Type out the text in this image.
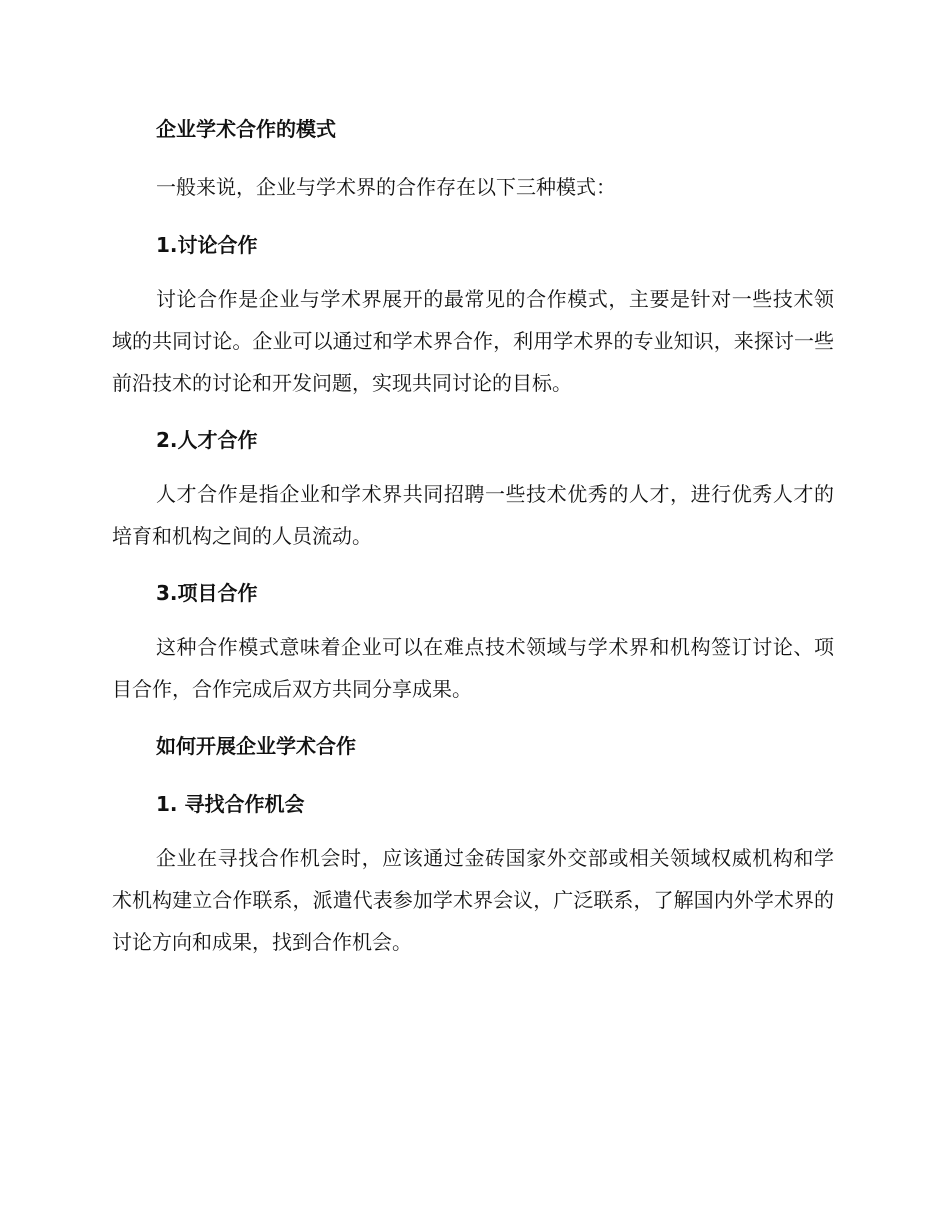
企业学术合作的模式
一般来说，企业与学术界的合作存在以下三种模式：
1.讨论合作

讨论合作是企业与学术界展开的最常见的合作模式，主要是针对一些技术领域的共同讨论。企业可以通过和学术界合作，利用学术界的专业知识，来探讨一些前沿技术的讨论和开发问题，实现共同讨论的目标。

2.人才合作

人才合作是指企业和学术界共同招聘一些技术优秀的人才，进行优秀人才的培育和机构之间的人员流动。

3.项目合作

这种合作模式意味着企业可以在难点技术领域与学术界和机构签订讨论、项目合作，合作完成后双方共同分享成果。

如何开展企业学术合作
1. 寻找合作机会

企业在寻找合作机会时，应该通过金砖国家外交部或相关领域权威机构和学术机构建立合作联系，派遣代表参加学术界会议，广泛联系，了解国内外学术界的讨论方向和成果，找到合作机会。
